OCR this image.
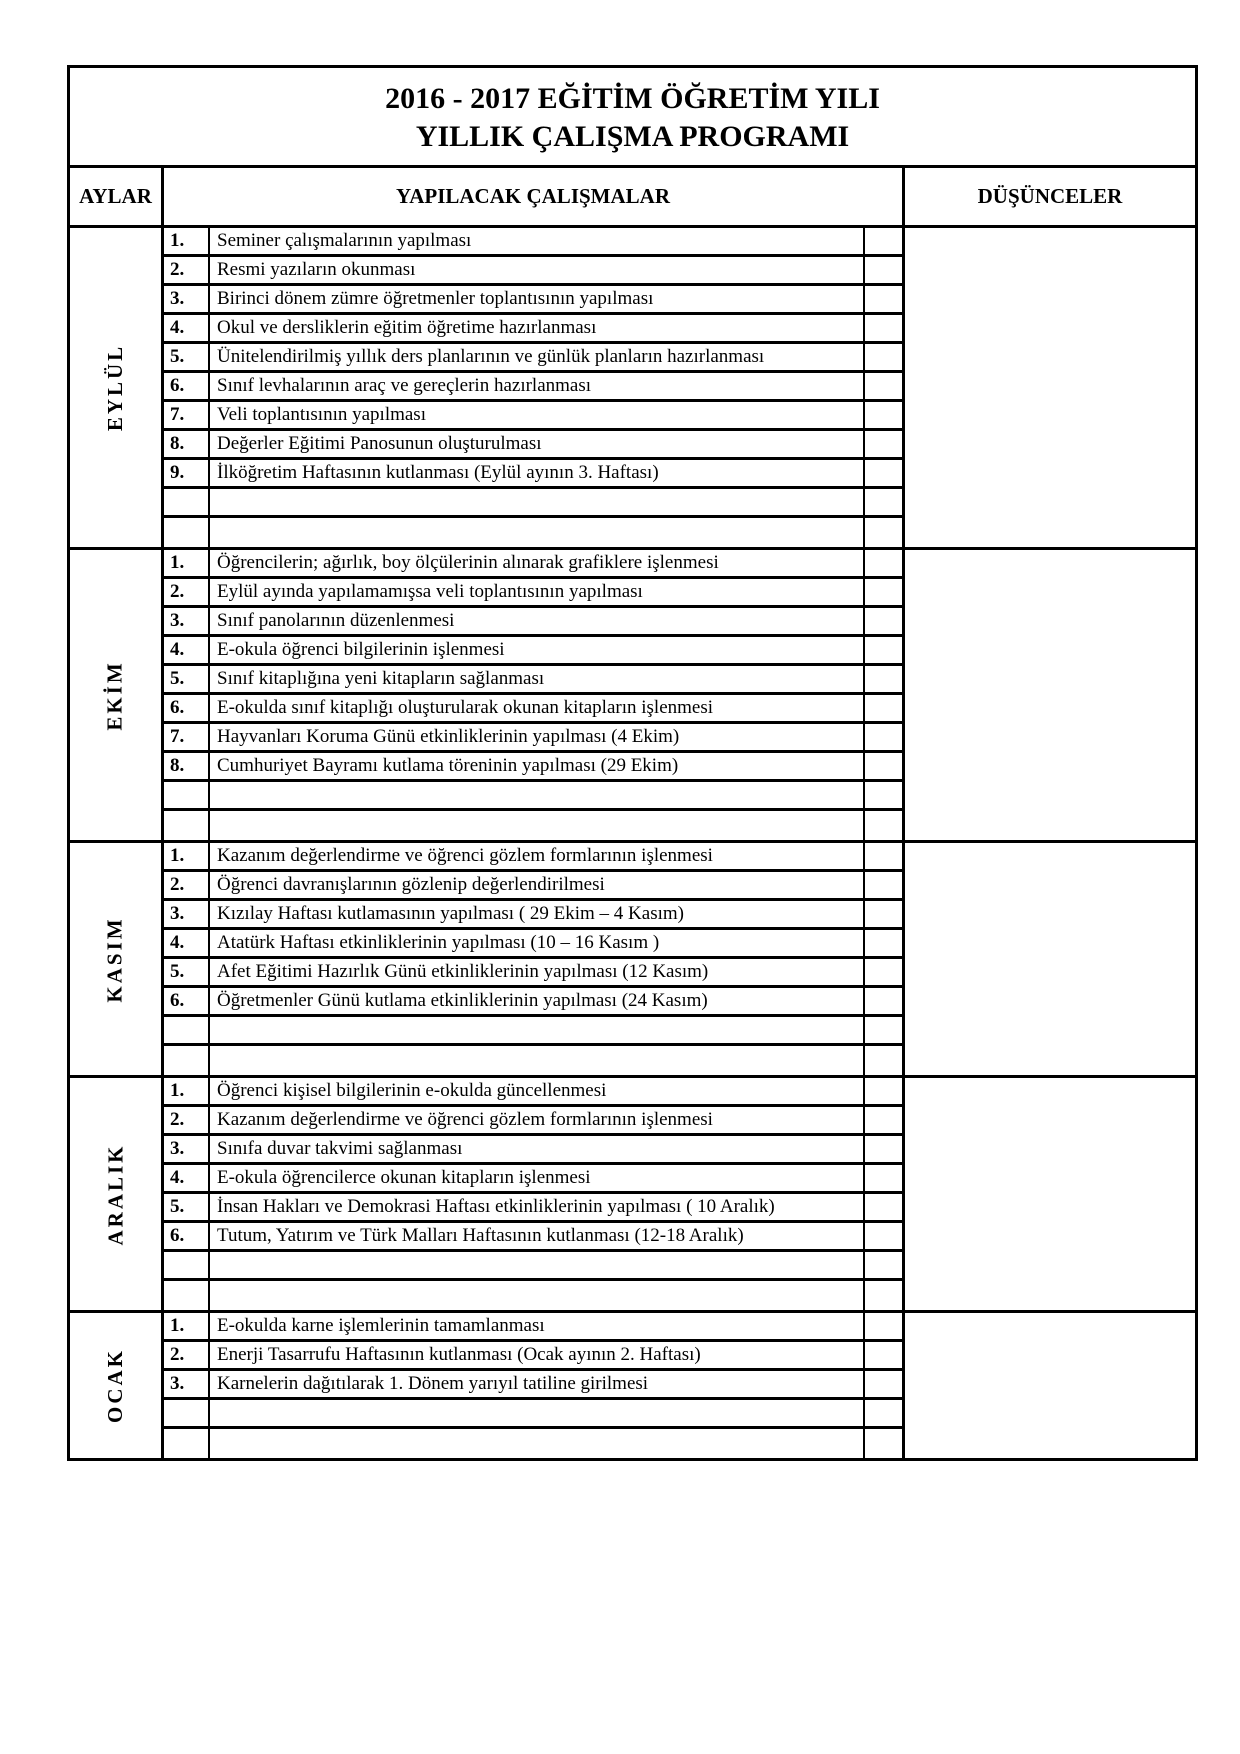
2016 - 2017 EĞİTİM ÖĞRETİM YILI
YILLIK ÇALIŞMA PROGRAMI
AYLAR	YAPILACAK ÇALIŞMALAR	DÜŞÜNCELER
EYLÜL
1.	Seminer çalışmalarının yapılması
2.	Resmi yazıların okunması
3.	Birinci dönem zümre öğretmenler toplantısının yapılması
4.	Okul ve dersliklerin eğitim öğretime hazırlanması
5.	Ünitelendirilmiş yıllık ders planlarının ve günlük planların hazırlanması
6.	Sınıf levhalarının araç ve gereçlerin hazırlanması
7.	Veli toplantısının yapılması
8.	Değerler Eğitimi Panosunun oluşturulması
9.	İlköğretim Haftasının kutlanması (Eylül ayının 3. Haftası)
EKİM
1.	Öğrencilerin; ağırlık, boy ölçülerinin alınarak grafiklere işlenmesi
2.	Eylül ayında yapılamamışsa veli toplantısının yapılması
3.	Sınıf panolarının düzenlenmesi
4.	E-okula öğrenci bilgilerinin işlenmesi
5.	Sınıf kitaplığına yeni kitapların sağlanması
6.	E-okulda sınıf kitaplığı oluşturularak okunan kitapların işlenmesi
7.	Hayvanları Koruma Günü etkinliklerinin yapılması (4 Ekim)
8.	Cumhuriyet Bayramı kutlama töreninin yapılması (29 Ekim)
KASIM
1.	Kazanım değerlendirme ve öğrenci gözlem formlarının işlenmesi
2.	Öğrenci davranışlarının gözlenip değerlendirilmesi
3.	Kızılay Haftası kutlamasının yapılması ( 29 Ekim – 4 Kasım)
4.	Atatürk Haftası etkinliklerinin yapılması (10 – 16 Kasım )
5.	Afet Eğitimi Hazırlık Günü etkinliklerinin yapılması (12 Kasım)
6.	Öğretmenler Günü kutlama etkinliklerinin yapılması (24 Kasım)
ARALIK
1.	Öğrenci kişisel bilgilerinin e-okulda güncellenmesi
2.	Kazanım değerlendirme ve öğrenci gözlem formlarının işlenmesi
3.	Sınıfa duvar takvimi sağlanması
4.	E-okula öğrencilerce okunan kitapların işlenmesi
5.	İnsan Hakları ve Demokrasi Haftası etkinliklerinin yapılması ( 10 Aralık)
6.	Tutum, Yatırım ve Türk Malları Haftasının kutlanması (12-18 Aralık)
OCAK
1.	E-okulda karne işlemlerinin tamamlanması
2.	Enerji Tasarrufu Haftasının kutlanması (Ocak ayının 2. Haftası)
3.	Karnelerin dağıtılarak 1. Dönem yarıyıl tatiline girilmesi
